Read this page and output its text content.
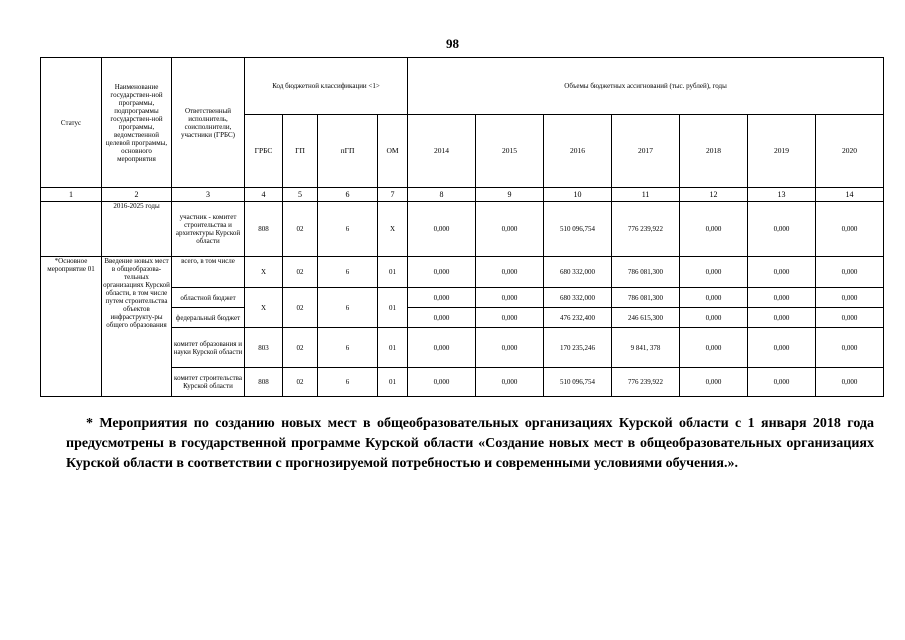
98
Статус	Наименование государствен-ной программы, подпрограммы государствен-ной программы, ведомственной целевой программы, основного мероприятия	Ответственный исполнитель, соисполнители, участники (ГРБС)	Код бюджетной классификации <1>				Объемы бюджетных ассигнований (тыс. рублей), годы						
			ГРБС	ГП	пГП	ОМ	2014	2015	2016	2017	2018	2019	2020
1	2	3	4	5	6	7	8	9	10	11	12	13	14
	2016-2025 годы	участник - комитет строительства и архитектуры Курской области	808	02	6	Х	0,000	0,000	510 096,754	776 239,922	0,000	0,000	0,000
*Основное мероприятие 01	Введение новых мест в общеобразова-тельных организациях Курской области, в том числе путем строительства объектов инфраструкту-ры общего образования	всего, в том числе	Х	02	6	01	0,000	0,000	680 332,000	786 081,300	0,000	0,000	0,000
		областной бюджет	Х	02	6	01	0,000	0,000	680 332,000	786 081,300	0,000	0,000	0,000
		федеральный бюджет					0,000	0,000	476 232,400	246 615,300	0,000	0,000	0,000
		комитет образования и науки Курской области	803	02	6	01	0,000	0,000	170 235,246	9 841, 378	0,000	0,000	0,000
		комитет строительства Курской области	808	02	6	01	0,000	0,000	510 096,754	776 239,922	0,000	0,000	0,000
* Мероприятия по созданию новых мест в общеобразовательных организациях Курской области с 1 января 2018 года предусмотрены в государственной программе Курской области «Создание новых мест в общеобразовательных организациях Курской области в соответствии с прогнозируемой потребностью и современными условиями обучения.».
